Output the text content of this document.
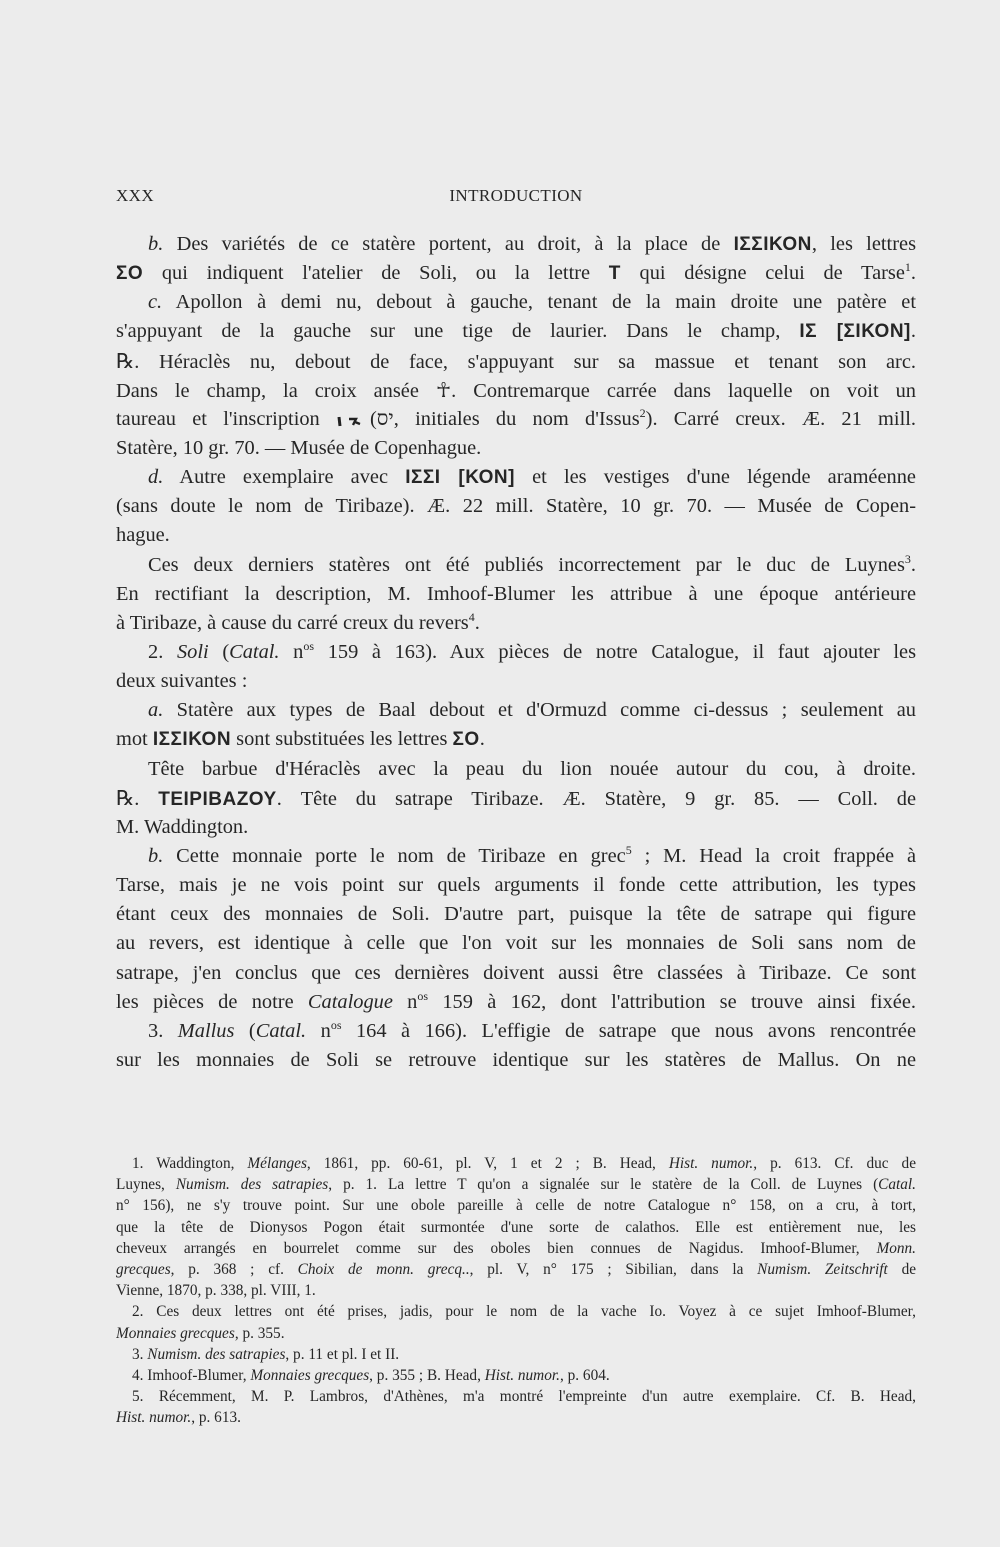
XXX	INTRODUCTION
b. Des variétés de ce statère portent, au droit, à la place de ΙΣΣΙΚΟΝ, les lettres
ΣΟ qui indiquent l'atelier de Soli, ou la lettre T qui désigne celui de Tarse$^1$.
c. Apollon à demi nu, debout à gauche, tenant de la main droite une patère et
s'appuyant de la gauche sur une tige de laurier. Dans le champ, ΙΣ [ΣΙΚΟΝ].
℞. Héraclès nu, debout de face, s'appuyant sur sa massue et tenant son arc.
Dans le champ, la croix ansée ☥. Contremarque carrée dans laquelle on voit un
taureau et l'inscription (יס, initiales du nom d'Issus$^2$). Carré creux. Æ. 21 mill.
Statère, 10 gr. 70. — Musée de Copenhague.
d. Autre exemplaire avec ΙΣΣΙ [ΚΟΝ] et les vestiges d'une légende araméenne
(sans doute le nom de Tiribaze). Æ. 22 mill. Statère, 10 gr. 70. — Musée de Copen-
hague.
Ces deux derniers statères ont été publiés incorrectement par le duc de Luynes$^3$.
En rectifiant la description, M. Imhoof-Blumer les attribue à une époque antérieure
à Tiribaze, à cause du carré creux du revers$^4$.
2. Soli (Catal. $n^{os}$ 159 à 163). Aux pièces de notre Catalogue, il faut ajouter les
deux suivantes :
a. Statère aux types de Baal debout et d'Ormuzd comme ci-dessus ; seulement au
mot ΙΣΣΙΚΟΝ sont substituées les lettres ΣΟ.
Tête barbue d'Héraclès avec la peau du lion nouée autour du cou, à droite.
℞. ΤΕΙΡΙΒΑΖΟΥ. Tête du satrape Tiribaze. Æ. Statère, 9 gr. 85. — Coll. de
M. Waddington.
b. Cette monnaie porte le nom de Tiribaze en grec$^5$ ; M. Head la croit frappée à
Tarse, mais je ne vois point sur quels arguments il fonde cette attribution, les types
étant ceux des monnaies de Soli. D'autre part, puisque la tête de satrape qui figure
au revers, est identique à celle que l'on voit sur les monnaies de Soli sans nom de
satrape, j'en conclus que ces dernières doivent aussi être classées à Tiribaze. Ce sont
les pièces de notre Catalogue $n^{os}$ 159 à 162, dont l'attribution se trouve ainsi fixée.
3. Mallus (Catal. $n^{os}$ 164 à 166). L'effigie de satrape que nous avons rencontrée
sur les monnaies de Soli se retrouve identique sur les statères de Mallus. On ne
1. Waddington, Mélanges, 1861, pp. 60-61, pl. V, 1 et 2 ; B. Head, Hist. numor., p. 613. Cf. duc de
Luynes, Numism. des satrapies, p. 1. La lettre T qu'on a signalée sur le statère de la Coll. de Luynes (Catal.
n° 156), ne s'y trouve point. Sur une obole pareille à celle de notre Catalogue n° 158, on a cru, à tort,
que la tête de Dionysos Pogon était surmontée d'une sorte de calathos. Elle est entièrement nue, les
cheveux arrangés en bourrelet comme sur des oboles bien connues de Nagidus. Imhoof-Blumer, Monn.
grecques, p. 368 ; cf. Choix de monn. grecq.., pl. V, n° 175 ; Sibilian, dans la Numism. Zeitschrift de
Vienne, 1870, p. 338, pl. VIII, 1.
2. Ces deux lettres ont été prises, jadis, pour le nom de la vache Io. Voyez à ce sujet Imhoof-Blumer,
Monnaies grecques, p. 355.
3. Numism. des satrapies, p. 11 et pl. I et II.
4. Imhoof-Blumer, Monnaies grecques, p. 355 ; B. Head, Hist. numor., p. 604.
5. Récemment, M. P. Lambros, d'Athènes, m'a montré l'empreinte d'un autre exemplaire. Cf. B. Head,
Hist. numor., p. 613.
